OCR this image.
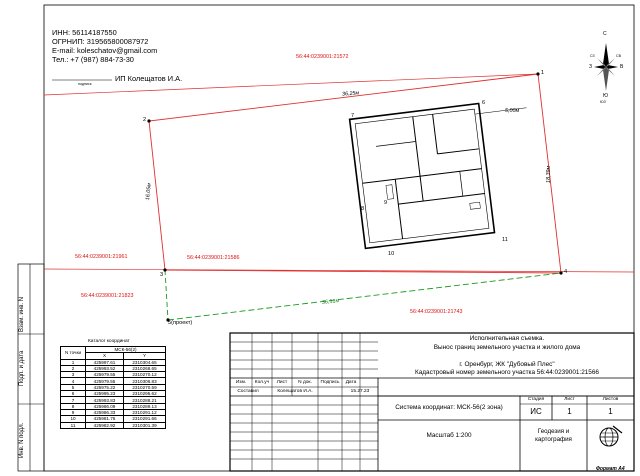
ИНН: 56114187550
ОГРНИП: 319565800087972
E-mail: koleschatov@gmail.com
Тел.: +7 (987) 884-73-30
подпись
ИП Колещатов И.А.
56:44:0239001:21572
56:44:0239001:21961	56:44:0239001:21586
56:44:0239001:21823
56:44:0239001:21743
36,25м
16,05м
18,39м
36,51м
5,00м
1
2
3	4
5(проект)
6
7
8
9
10
11
С
Ю
З	В
СЗ	СВ
ЮЗ
Взам. инв. N
Подп. и дата
Инв. N подл.
Каталог координат
N точки	МСК-56(2)	
	X	Y
1	425997.61	2310304.65
2	425993.52	2310268.65
3	425979.55	2310270.12
4	425979.55	2310306.83
5	425975.22	2310270.59
6	425995.23	2310295.62
7	425993.83	2310288.21
8	425986.09	2310289.13
9	425986.33	2310291.12
10	425981.76	2310291.66
11	425982.92	2310301.39
Исполнительная съемка.
Вынос границ земельного участка и жилого дома
г. Оренбург, ЖК "Дубовый Плес"
Кадастровый номер земельного участка 56:44:0239001:21566
Система координат: МСК-56(2 зона)
Масштаб 1:200
Геодезия и
картография
Изм.	Кол.уч	Лист	N док.	Подпись	Дата
Составил	Колещатов И.А.	15.27.23
Стадия	Лист	Листов
ИС	1	1
Формат А4
